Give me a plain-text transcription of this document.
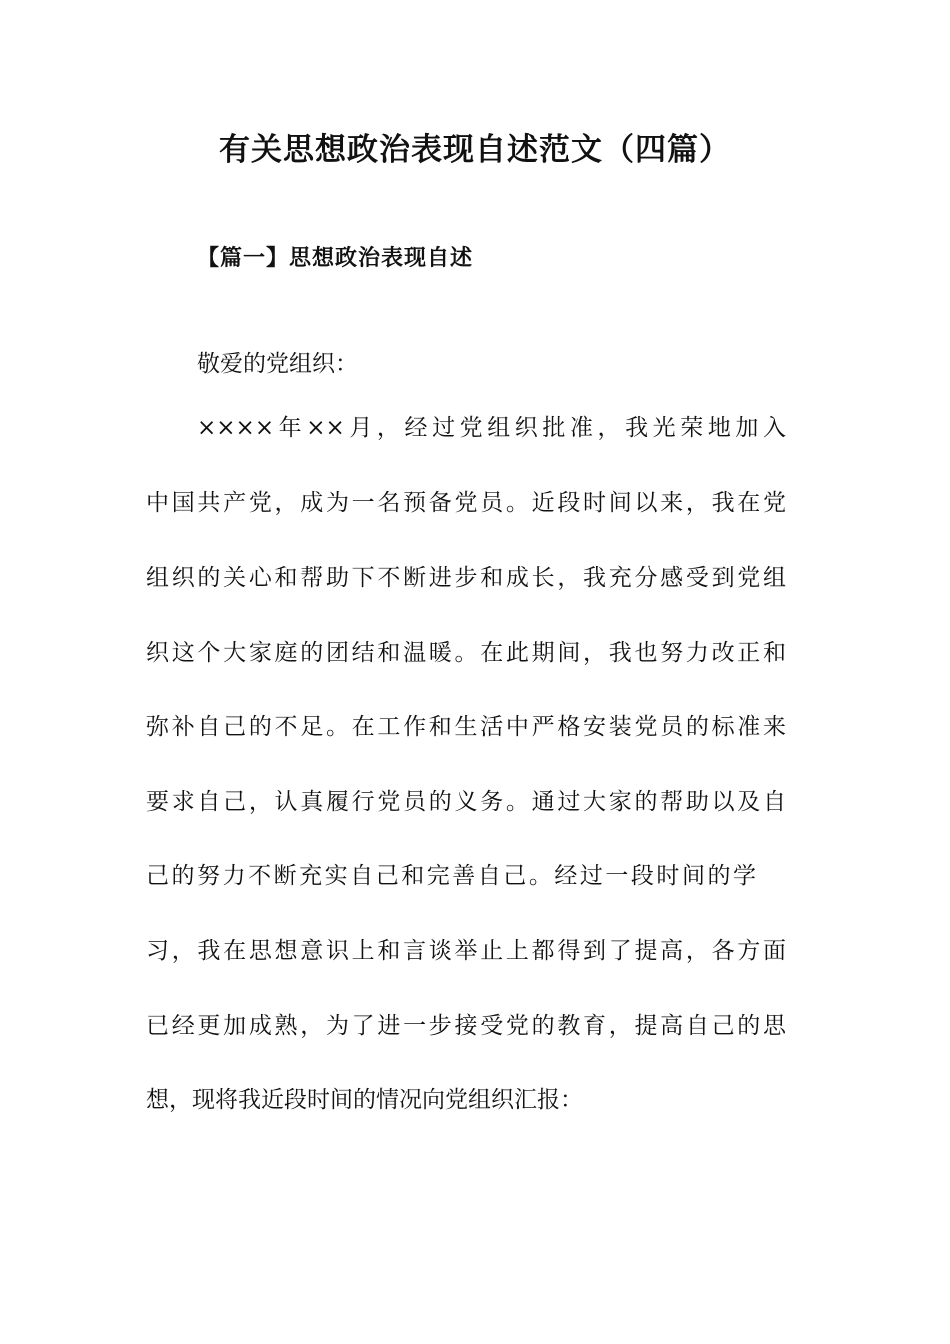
有关思想政治表现自述范文（四篇）
【篇一】思想政治表现自述

敬爱的党组织：

××××年××月，经过党组织批准，我光荣地加入

中国共产党，成为一名预备党员。近段时间以来，我在党

组织的关心和帮助下不断进步和成长，我充分感受到党组

织这个大家庭的团结和温暖。在此期间，我也努力改正和

弥补自己的不足。在工作和生活中严格安装党员的标准来

要求自己，认真履行党员的义务。通过大家的帮助以及自

己的努力不断充实自己和完善自己。经过一段时间的学

习，我在思想意识上和言谈举止上都得到了提高，各方面

已经更加成熟，为了进一步接受党的教育，提高自己的思

想，现将我近段时间的情况向党组织汇报：
